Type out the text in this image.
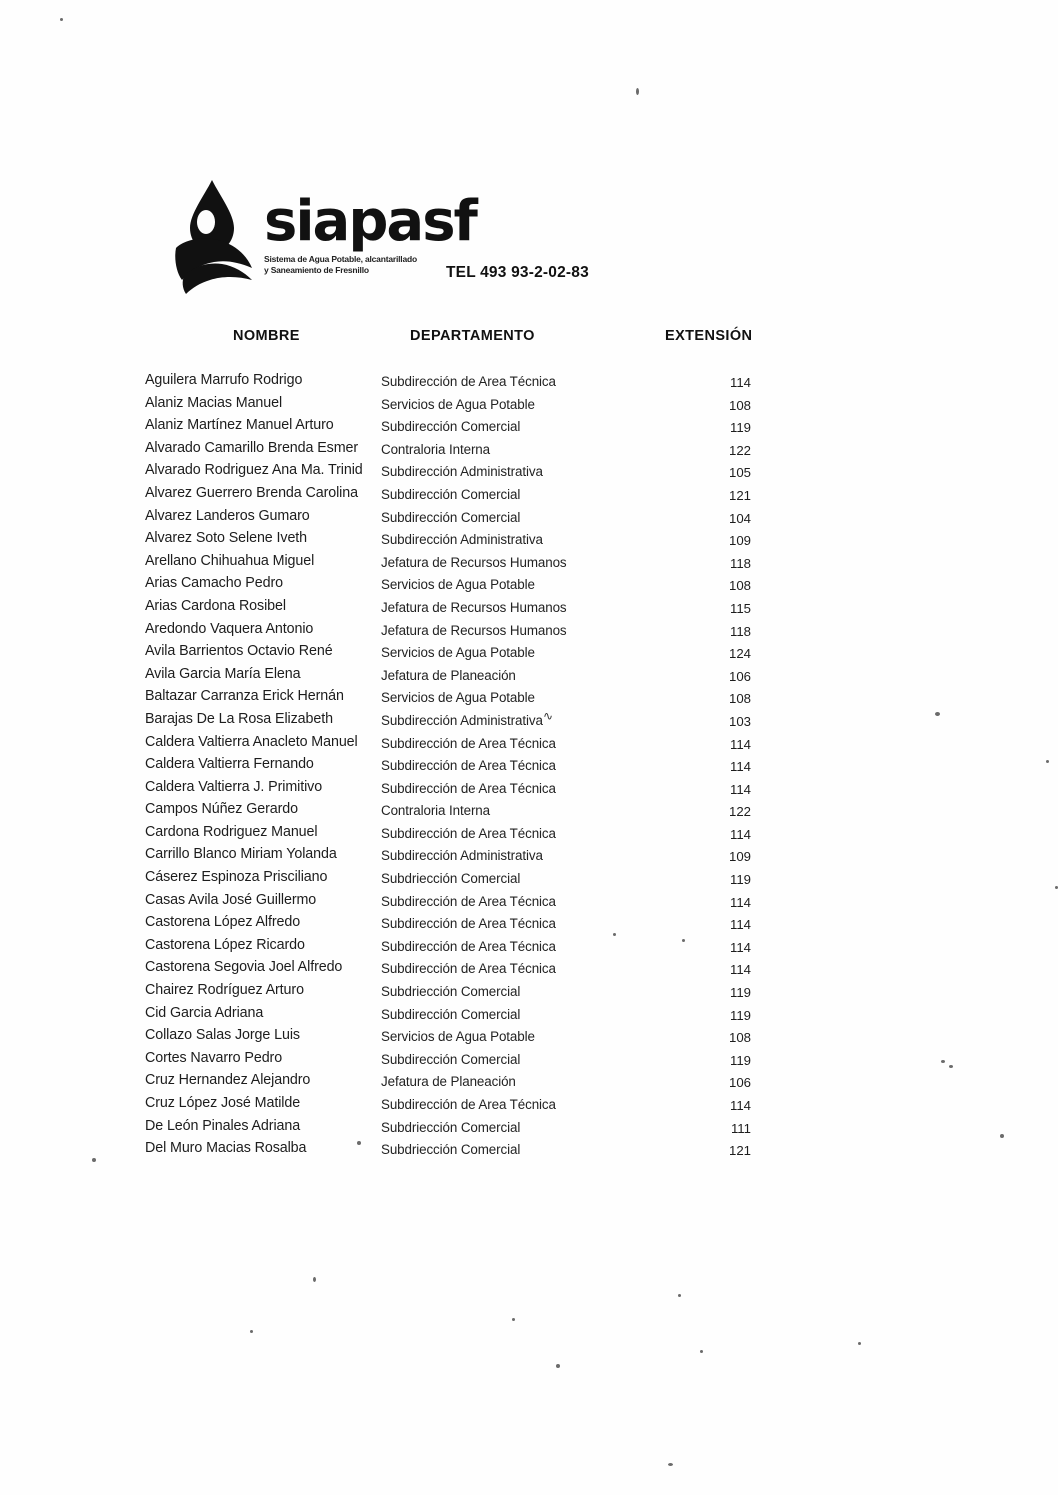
siapasf
Sistema de Agua Potable, alcantarillado
y Saneamiento de Fresnillo	TEL 493 93-2-02-83
NOMBRE	DEPARTAMENTO	EXTENSIÓN
Aguilera Marrufo Rodrigo	Subdirección de Area Técnica	114
Alaniz Macias Manuel	Servicios de Agua Potable	108
Alaniz Martínez Manuel Arturo	Subdirección Comercial	119
Alvarado Camarillo Brenda Esmer	Contraloria Interna	122
Alvarado Rodriguez Ana Ma. Trinid	Subdirección Administrativa	105
Alvarez Guerrero Brenda Carolina	Subdirección Comercial	121
Alvarez Landeros Gumaro	Subdirección Comercial	104
Alvarez Soto Selene Iveth	Subdirección Administrativa	109
Arellano Chihuahua Miguel	Jefatura de Recursos Humanos	118
Arias Camacho Pedro	Servicios de Agua Potable	108
Arias Cardona Rosibel	Jefatura de Recursos Humanos	115
Aredondo Vaquera Antonio	Jefatura de Recursos Humanos	118
Avila Barrientos Octavio René	Servicios de Agua Potable	124
Avila Garcia María Elena	Jefatura de Planeación	106
Baltazar Carranza Erick Hernán	Servicios de Agua Potable	108
Barajas De La Rosa Elizabeth	Subdirección Administrativa	103
∿
Caldera Valtierra Anacleto Manuel	Subdirección de Area Técnica	114
Caldera Valtierra Fernando	Subdirección de Area Técnica	114
Caldera Valtierra J. Primitivo	Subdirección de Area Técnica	114
Campos Núñez Gerardo	Contraloria Interna	122
Cardona Rodriguez Manuel	Subdirección de Area Técnica	114
Carrillo Blanco Miriam Yolanda	Subdirección Administrativa	109
Cáserez Espinoza Prisciliano	Subdriección Comercial	119
Casas Avila José Guillermo	Subdirección de Area Técnica	114
Castorena López Alfredo	Subdirección de Area Técnica	114
Castorena López Ricardo	Subdirección de Area Técnica	114
Castorena Segovia Joel Alfredo	Subdirección de Area Técnica	114
Chairez Rodríguez Arturo	Subdriección Comercial	119
Cid Garcia Adriana	Subdirección Comercial	119
Collazo Salas Jorge Luis	Servicios de Agua Potable	108
Cortes Navarro Pedro	Subdirección Comercial	119
Cruz Hernandez Alejandro	Jefatura de Planeación	106
Cruz López José Matilde	Subdirección de Area Técnica	114
De León Pinales Adriana	Subdriección Comercial	111
Del Muro Macias Rosalba	Subdriección Comercial	121
